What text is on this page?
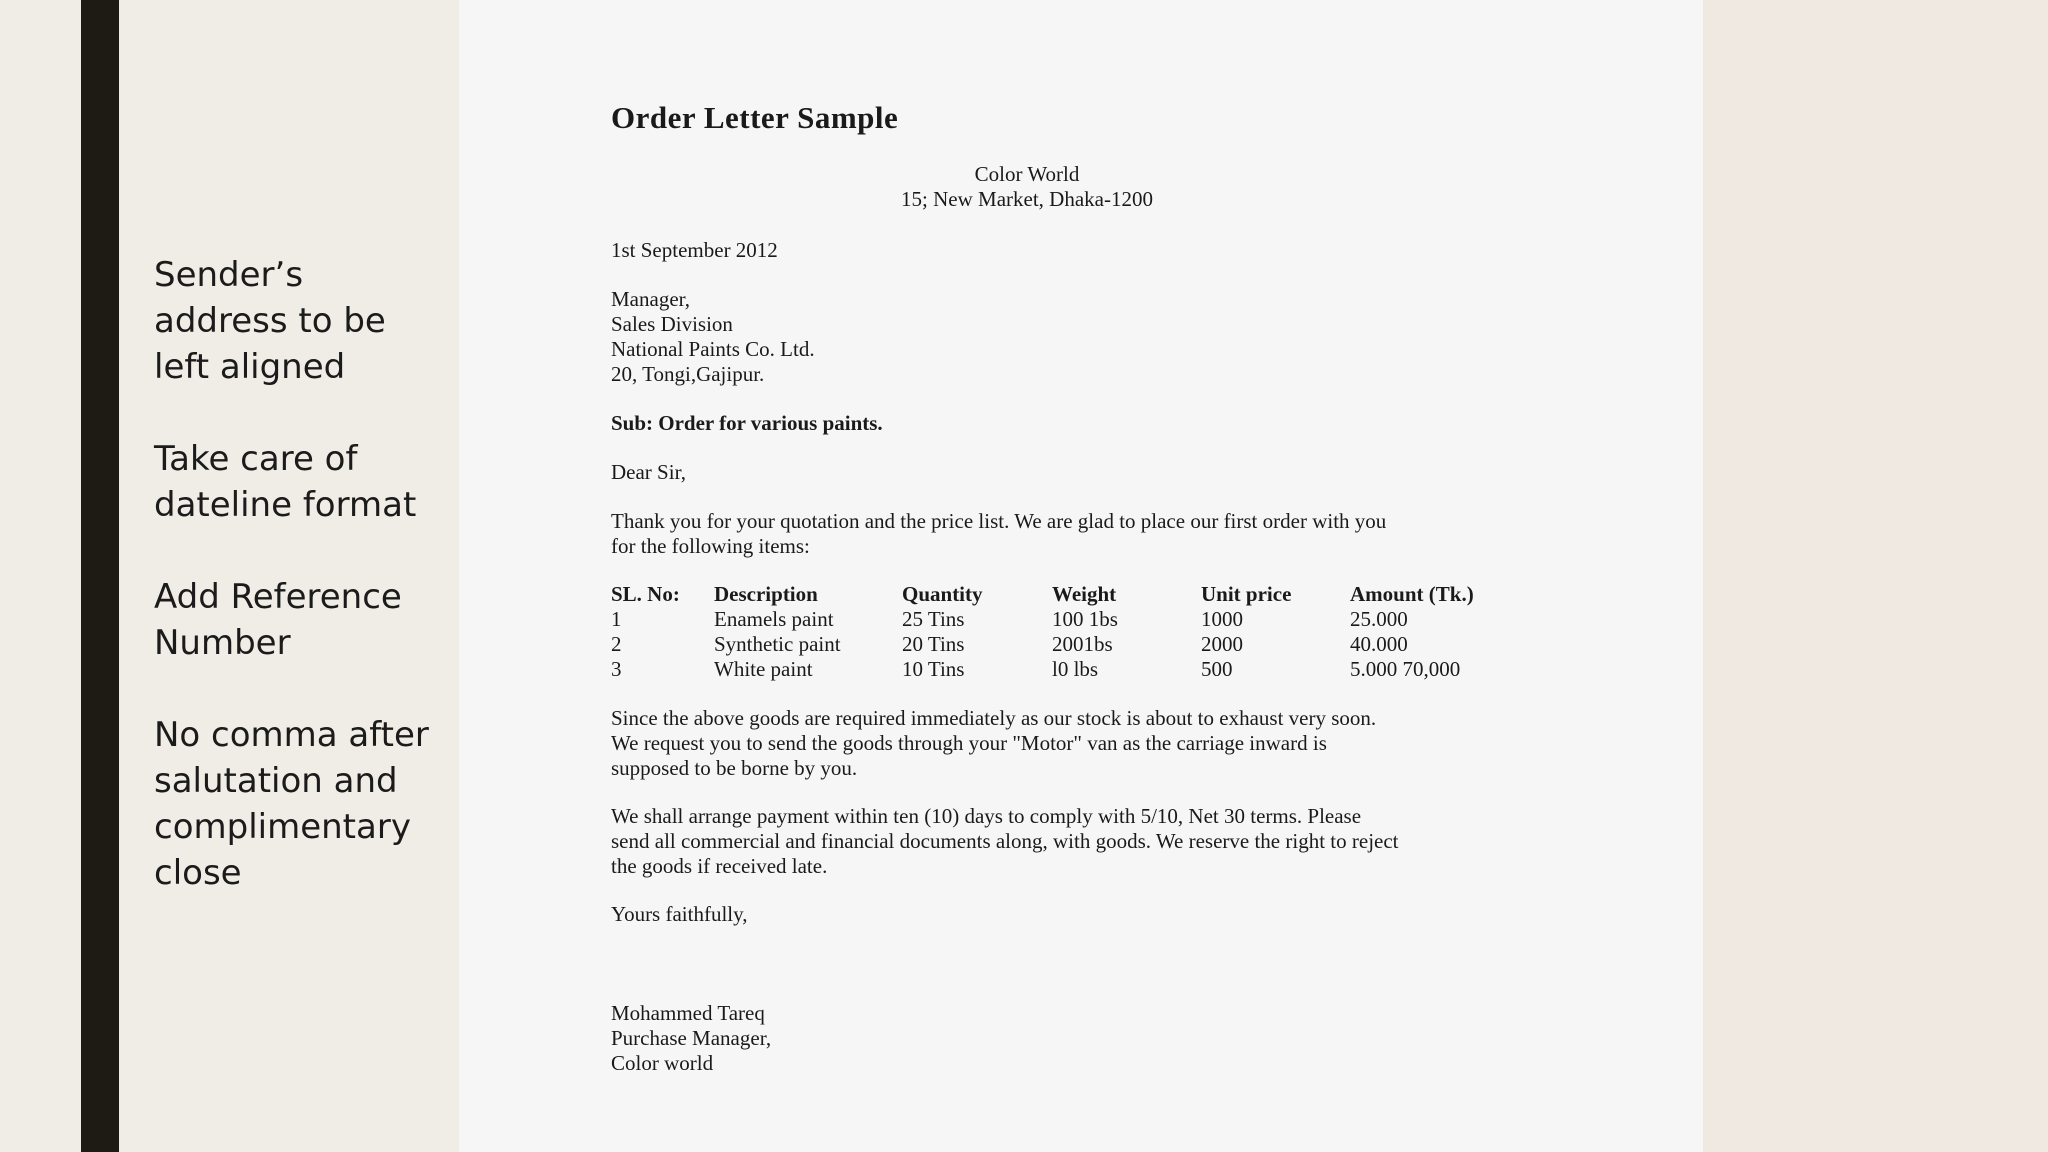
Sender’s address to be left aligned
Take care of dateline format
Add Reference Number
No comma after salutation and complimentary close
Order Letter Sample
Color World
15; New Market, Dhaka-1200
1st September 2012
Manager,
Sales Division
National Paints Co. Ltd.
20, Tongi,Gajipur.
Sub: Order for various paints.
Dear Sir,
Thank you for your quotation and the price list. We are glad to place our first order with you
for the following items:
SL. No:	Description	Quantity	Weight	Unit price	Amount (Tk.)
1	Enamels paint	25 Tins	100 1bs	1000	25.000
2	Synthetic paint	20 Tins	2001bs	2000	40.000
3	White paint	10 Tins	l0 lbs	500	5.000 70,000
Since the above goods are required immediately as our stock is about to exhaust very soon.
We request you to send the goods through your "Motor" van as the carriage inward is
supposed to be borne by you.
We shall arrange payment within ten (10) days to comply with 5/10, Net 30 terms. Please
send all commercial and financial documents along, with goods. We reserve the right to reject
the goods if received late.
Yours faithfully,
Mohammed Tareq
Purchase Manager,
Color world
